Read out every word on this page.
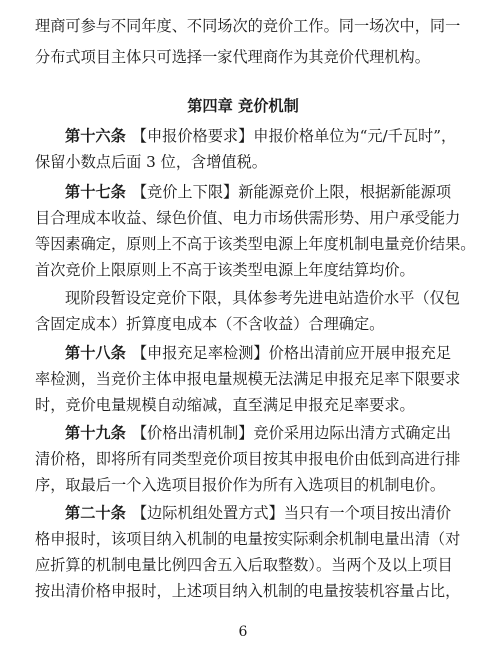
理商可参与不同年度、不同场次的竞价工作。同一场次中，同一
分布式项目主体只可选择一家代理商作为其竞价代理机构。
第四章 竞价机制
第十六条 【申报价格要求】申报价格单位为“元/千瓦时”，
保留小数点后面 3 位，含增值税。
第十七条 【竞价上下限】新能源竞价上限，根据新能源项
目合理成本收益、绿色价值、电力市场供需形势、用户承受能力
等因素确定，原则上不高于该类型电源上年度机制电量竞价结果。
首次竞价上限原则上不高于该类型电源上年度结算均价。
现阶段暂设定竞价下限，具体参考先进电站造价水平（仅包
含固定成本）折算度电成本（不含收益）合理确定。
第十八条 【申报充足率检测】价格出清前应开展申报充足
率检测，当竞价主体申报电量规模无法满足申报充足率下限要求
时，竞价电量规模自动缩减，直至满足申报充足率要求。
第十九条 【价格出清机制】竞价采用边际出清方式确定出
清价格，即将所有同类型竞价项目按其申报电价由低到高进行排
序，取最后一个入选项目报价作为所有入选项目的机制电价。
第二十条 【边际机组处置方式】当只有一个项目按出清价
格申报时，该项目纳入机制的电量按实际剩余机制电量出清（对
应折算的机制电量比例四舍五入后取整数）。当两个及以上项目
按出清价格申报时，上述项目纳入机制的电量按装机容量占比，
6
